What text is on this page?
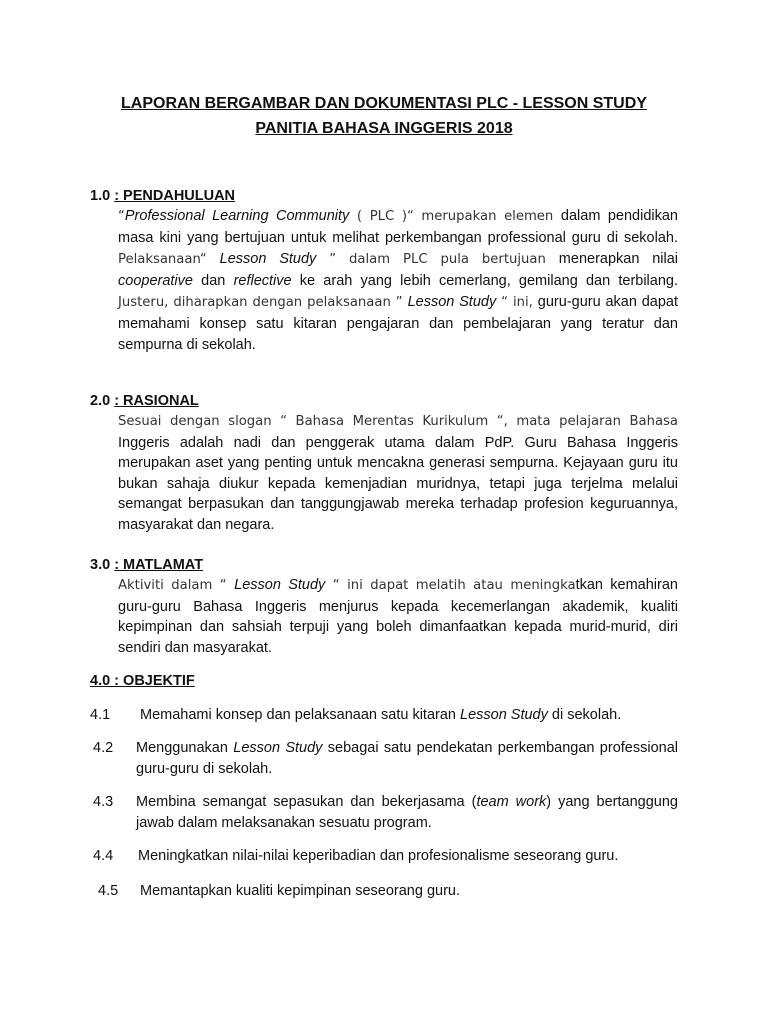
LAPORAN BERGAMBAR DAN DOKUMENTASI PLC - LESSON STUDY
PANITIA BAHASA INGGERIS 2018
1.0 : PENDAHULUAN
“Professional Learning Community ( PLC )“ merupakan elemen dalam pendidikan masa kini yang bertujuan untuk melihat perkembangan professional guru di sekolah. Pelaksanaan“ Lesson Study ” dalam PLC pula bertujuan menerapkan nilai cooperative dan reflective ke arah yang lebih cemerlang, gemilang dan terbilang. Justeru, diharapkan dengan pelaksanaan ” Lesson Study “ ini, guru-guru akan dapat memahami konsep satu kitaran pengajaran dan pembelajaran yang teratur dan sempurna di sekolah.
2.0 : RASIONAL
Sesuai dengan slogan “ Bahasa Merentas Kurikulum “, mata pelajaran Bahasa Inggeris adalah nadi dan penggerak utama dalam PdP. Guru Bahasa Inggeris merupakan aset yang penting untuk mencakna generasi sempurna. Kejayaan guru itu bukan sahaja diukur kepada kemenjadian muridnya, tetapi juga terjelma melalui semangat berpasukan dan tanggungjawab mereka terhadap profesion keguruannya, masyarakat dan negara.
3.0 : MATLAMAT
Aktiviti dalam “ Lesson Study “ ini dapat melatih atau meningkatkan kemahiran guru-guru Bahasa Inggeris menjurus kepada kecemerlangan akademik, kualiti kepimpinan dan sahsiah terpuji yang boleh dimanfaatkan kepada murid-murid, diri sendiri dan masyarakat.
4.0 : OBJEKTIF
4.1 Memahami konsep dan pelaksanaan satu kitaran Lesson Study di sekolah.
4.2 Menggunakan Lesson Study sebagai satu pendekatan perkembangan professional guru-guru di sekolah.
4.3 Membina semangat sepasukan dan bekerjasama (team work) yang bertanggung jawab dalam melaksanakan sesuatu program.
4.4 Meningkatkan nilai-nilai keperibadian dan profesionalisme seseorang guru.
4.5 Memantapkan kualiti kepimpinan seseorang guru.
